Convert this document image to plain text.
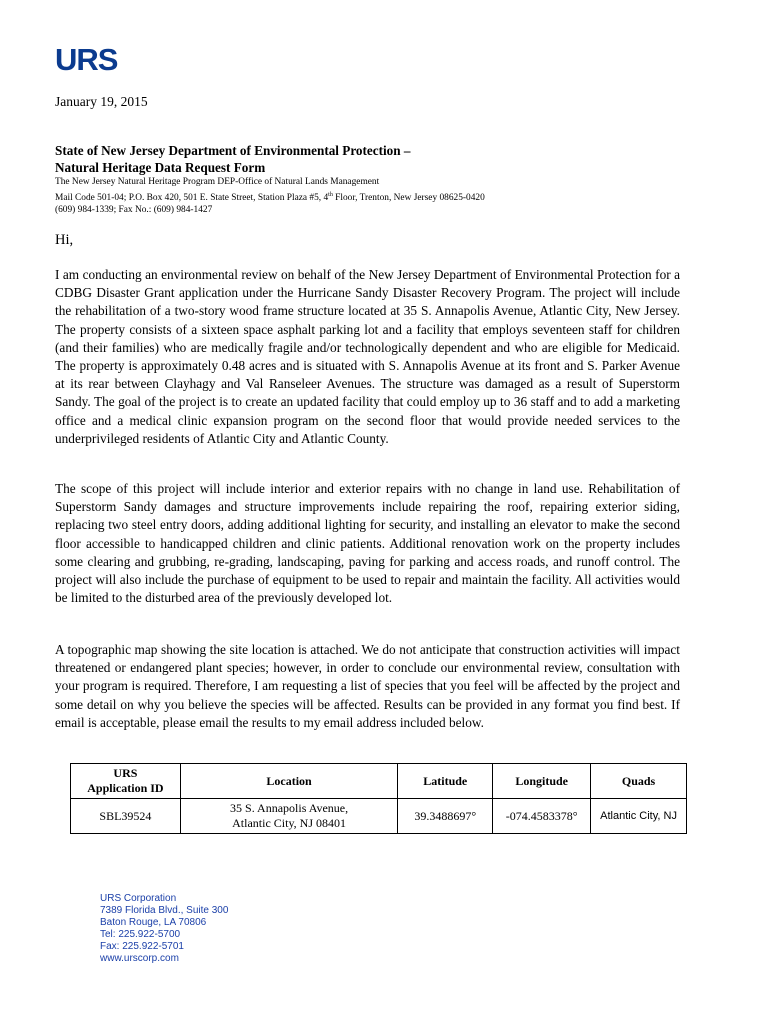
URS
January 19, 2015
State of New Jersey Department of Environmental Protection –
Natural Heritage Data Request Form
The New Jersey Natural Heritage Program DEP-Office of Natural Lands Management
Mail Code 501-04; P.O. Box 420, 501 E. State Street, Station Plaza #5, 4th Floor, Trenton, New Jersey 08625-0420
(609) 984-1339; Fax No.: (609) 984-1427
Hi,

I am conducting an environmental review on behalf of the New Jersey Department of Environmental Protection for a CDBG Disaster Grant application under the Hurricane Sandy Disaster Recovery Program. The project will include the rehabilitation of a two-story wood frame structure located at 35 S. Annapolis Avenue, Atlantic City, New Jersey. The property consists of a sixteen space asphalt parking lot and a facility that employs seventeen staff for children (and their families) who are medically fragile and/or technologically dependent and who are eligible for Medicaid. The property is approximately 0.48 acres and is situated with S. Annapolis Avenue at its front and S. Parker Avenue at its rear between Clayhagy and Val Ranseleer Avenues. The structure was damaged as a result of Superstorm Sandy. The goal of the project is to create an updated facility that could employ up to 36 staff and to add a marketing office and a medical clinic expansion program on the second floor that would provide needed services to the underprivileged residents of Atlantic City and Atlantic County.

The scope of this project will include interior and exterior repairs with no change in land use. Rehabilitation of Superstorm Sandy damages and structure improvements include repairing the roof, repairing exterior siding, replacing two steel entry doors, adding additional lighting for security, and installing an elevator to make the second floor accessible to handicapped children and clinic patients. Additional renovation work on the property includes some clearing and grubbing, re-grading, landscaping, paving for parking and access roads, and runoff control. The project will also include the purchase of equipment to be used to repair and maintain the facility. All activities would be limited to the disturbed area of the previously developed lot.

A topographic map showing the site location is attached. We do not anticipate that construction activities will impact threatened or endangered plant species; however, in order to conclude our environmental review, consultation with your program is required. Therefore, I am requesting a list of species that you feel will be affected by the project and some detail on why you believe the species will be affected. Results can be provided in any format you find best. If email is acceptable, please email the results to my email address included below.

URS
Application ID	Location	Latitude	Longitude	Quads
SBL39524	35 S. Annapolis Avenue,
Atlantic City, NJ 08401	39.3488697°	-074.4583378°	Atlantic City, NJ
URS Corporation
7389 Florida Blvd., Suite 300
Baton Rouge, LA 70806
Tel: 225.922-5700
Fax: 225.922-5701
www.urscorp.com
